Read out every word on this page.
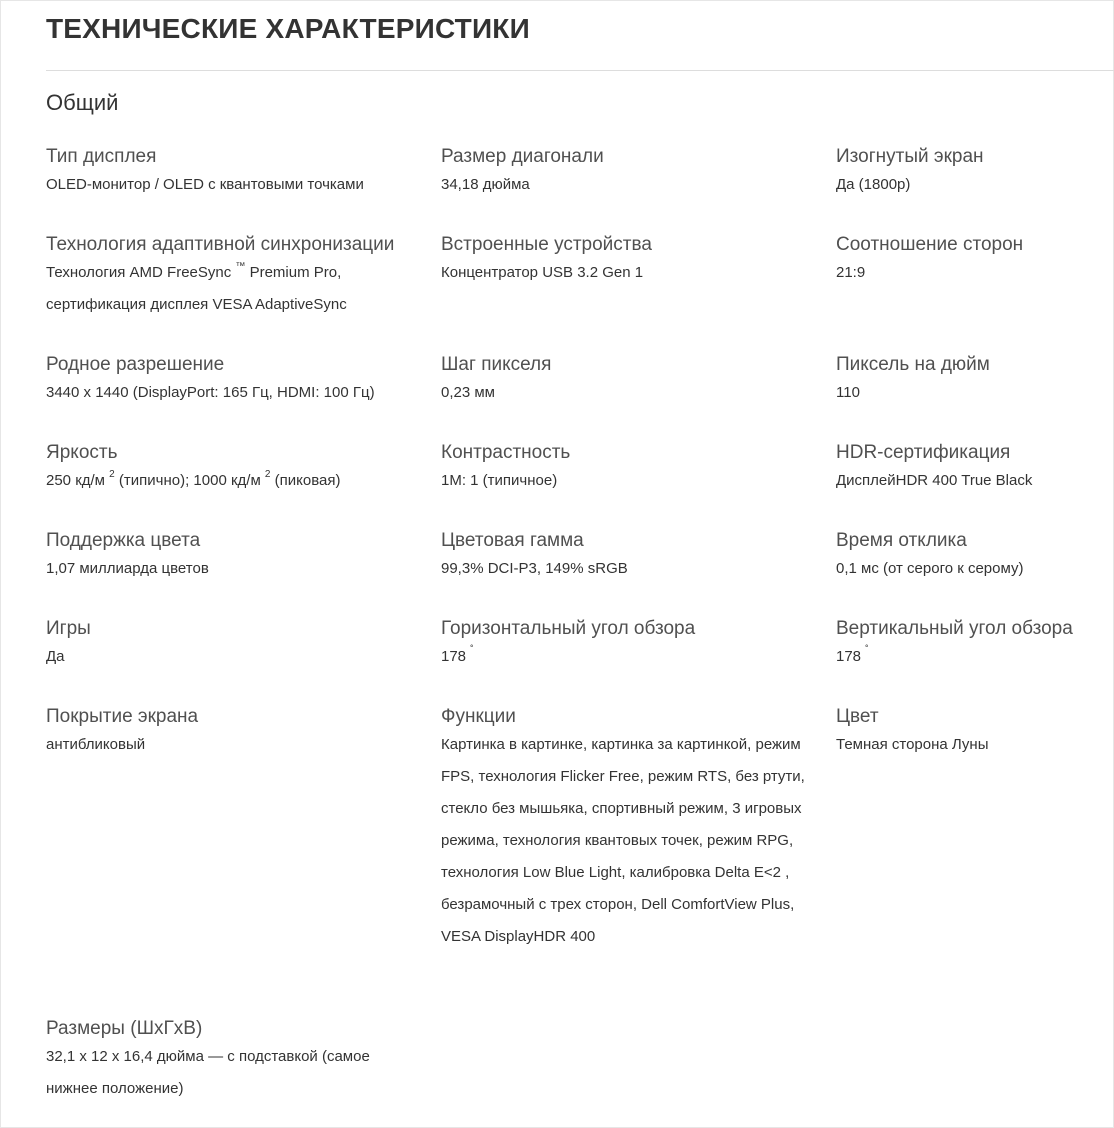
ТЕХНИЧЕСКИЕ ХАРАКТЕРИСТИКИ
Общий
Тип дисплея
OLED-монитор / OLED с квантовыми точками
Размер диагонали
34,18 дюйма
Изогнутый экран
Да (1800р)
Технология адаптивной синхронизации
Технология AMD FreeSync ™ Premium Pro, сертификация дисплея VESA AdaptiveSync
Встроенные устройства
Концентратор USB 3.2 Gen 1
Соотношение сторон
21:9
Родное разрешение
3440 x 1440 (DisplayPort: 165 Гц, HDMI: 100 Гц)
Шаг пикселя
0,23 мм
Пиксель на дюйм
110
Яркость
250 кд/м $^2$ (типично); 1000 кд/м $^2$ (пиковая)
Контрастность
1M: 1 (типичное)
HDR-сертификация
ДисплейHDR 400 True Black
Поддержка цвета
1,07 миллиарда цветов
Цветовая гамма
99,3% DCI-P3, 149% sRGB
Время отклика
0,1 мс (от серого к серому)
Игры
Да
Горизонтальный угол обзора
178 ˚
Вертикальный угол обзора
178 ˚
Покрытие экрана
антибликовый
Функции
Картинка в картинке, картинка за картинкой, режим FPS, технология Flicker Free, режим RTS, без ртути, стекло без мышьяка, спортивный режим, 3 игровых режима, технология квантовых точек, режим RPG, технология Low Blue Light, калибровка Delta E<2 , безрамочный с трех сторон, Dell ComfortView Plus, VESA DisplayHDR 400
Цвет
Темная сторона Луны
Размеры (ШхГхВ)
32,1 x 12 x 16,4 дюйма — с подставкой (самое нижнее положение)
